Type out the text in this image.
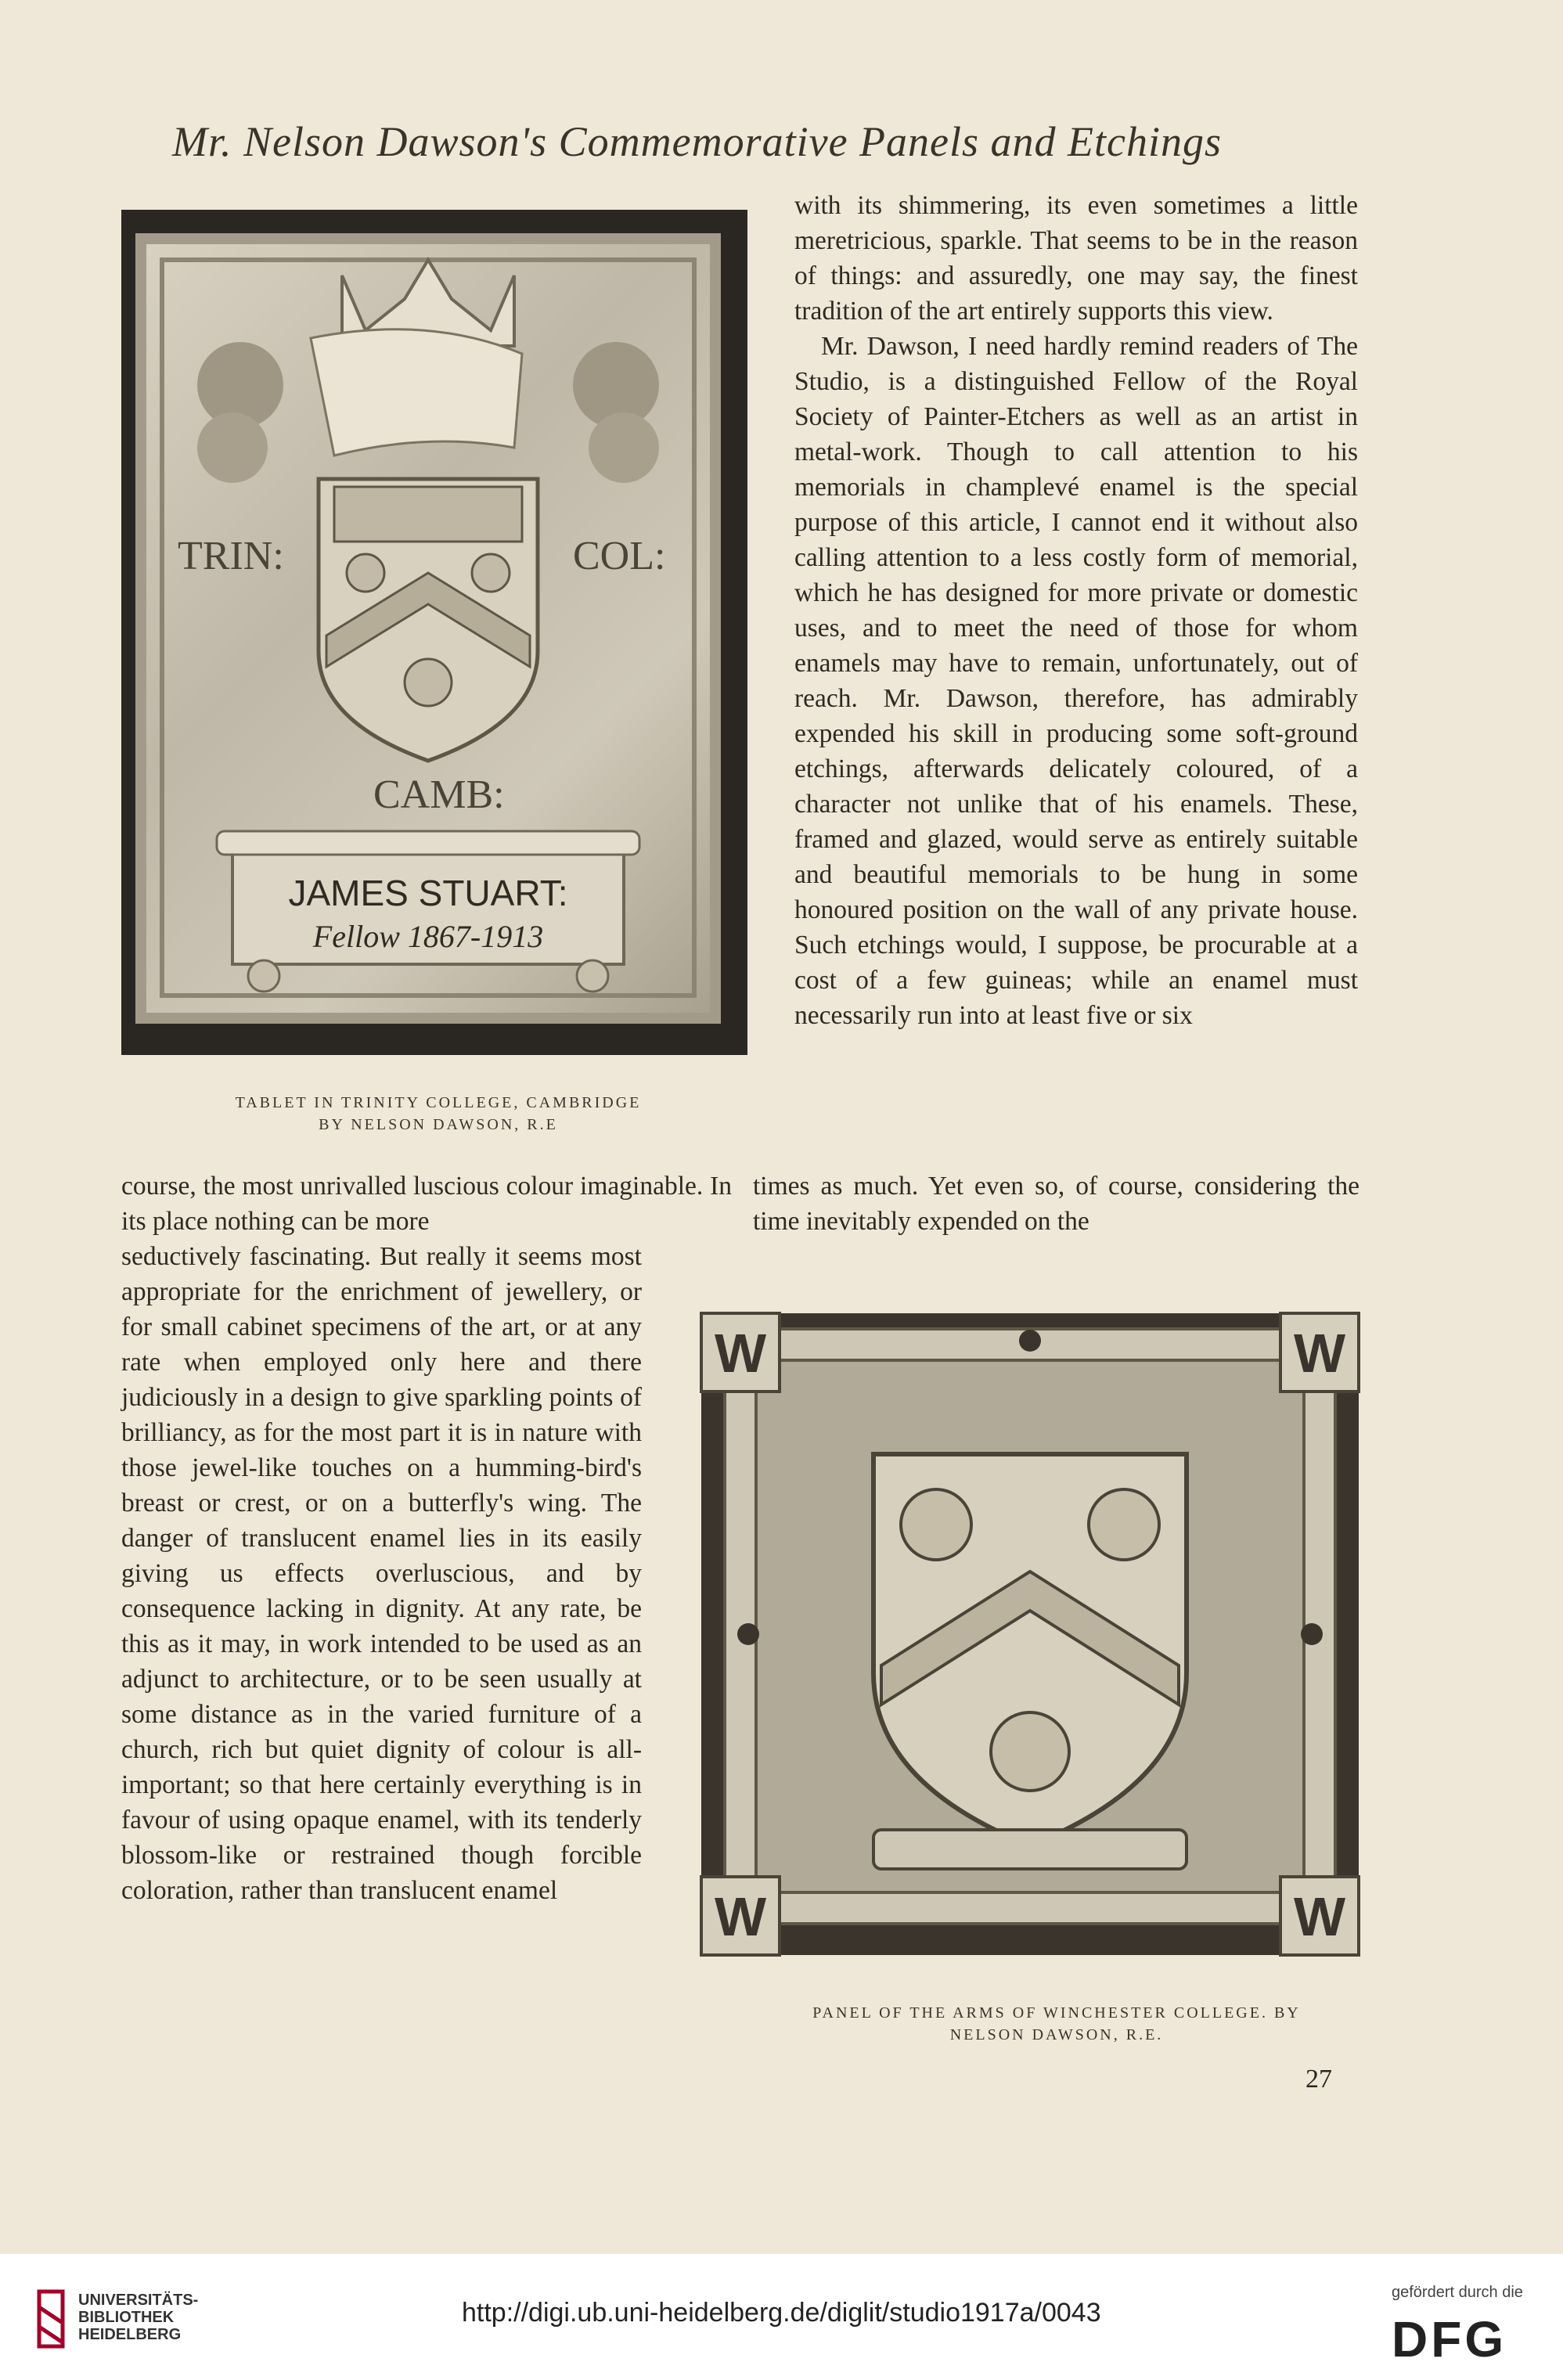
Mr. Nelson Dawson's Commemorative Panels and Etchings
TRIN:	COL:
CAMB:
JAMES STUART:
Fellow 1867-1913
TABLET IN TRINITY COLLEGE, CAMBRIDGE
BY NELSON DAWSON, R.E

with its shimmering, its even sometimes a little meretricious, sparkle. That seems to be in the reason of things: and assuredly, one may say, the finest tradition of the art entirely supports this view.

Mr. Dawson, I need hardly remind readers of The Studio, is a distinguished Fellow of the Royal Society of Painter-Etchers as well as an artist in metal-work. Though to call attention to his memorials in champlevé enamel is the special purpose of this article, I cannot end it without also calling attention to a less costly form of memorial, which he has designed for more private or domestic uses, and to meet the need of those for whom enamels may have to remain, unfortunately, out of reach. Mr. Dawson, therefore, has admirably expended his skill in producing some soft-ground etchings, afterwards delicately coloured, of a character not unlike that of his enamels. These, framed and glazed, would serve as entirely suitable and beautiful memorials to be hung in some honoured position on the wall of any private house. Such etchings would, I suppose, be procurable at a cost of a few guineas; while an enamel must necessarily run into at least five or six

course, the most unrivalled luscious colour imaginable. In its place nothing can be more
times as much. Yet even so, of course, considering the time inevitably expended on the
seductively fascinating. But really it seems most appropriate for the enrichment of jewellery, or for small cabinet specimens of the art, or at any rate when employed only here and there judiciously in a design to give sparkling points of brilliancy, as for the most part it is in nature with those jewel-like touches on a humming-bird's breast or crest, or on a butterfly's wing. The danger of translucent enamel lies in its easily giving us effects overluscious, and by consequence lacking in dignity. At any rate, be this as it may, in work intended to be used as an adjunct to architecture, or to be seen usually at some distance as in the varied furniture of a church, rich but quiet dignity of colour is all-important; so that here certainly everything is in favour of using opaque enamel, with its tenderly blossom-like or restrained though forcible coloration, rather than translucent enamel
W	W
W	W
PANEL OF THE ARMS OF WINCHESTER COLLEGE. BY
NELSON DAWSON, R.E.
27
UNIVERSITÄTS-
BIBLIOTHEK
HEIDELBERG
http://digi.ub.uni-heidelberg.de/diglit/studio1917a/0043
gefördert durch die
DFG
